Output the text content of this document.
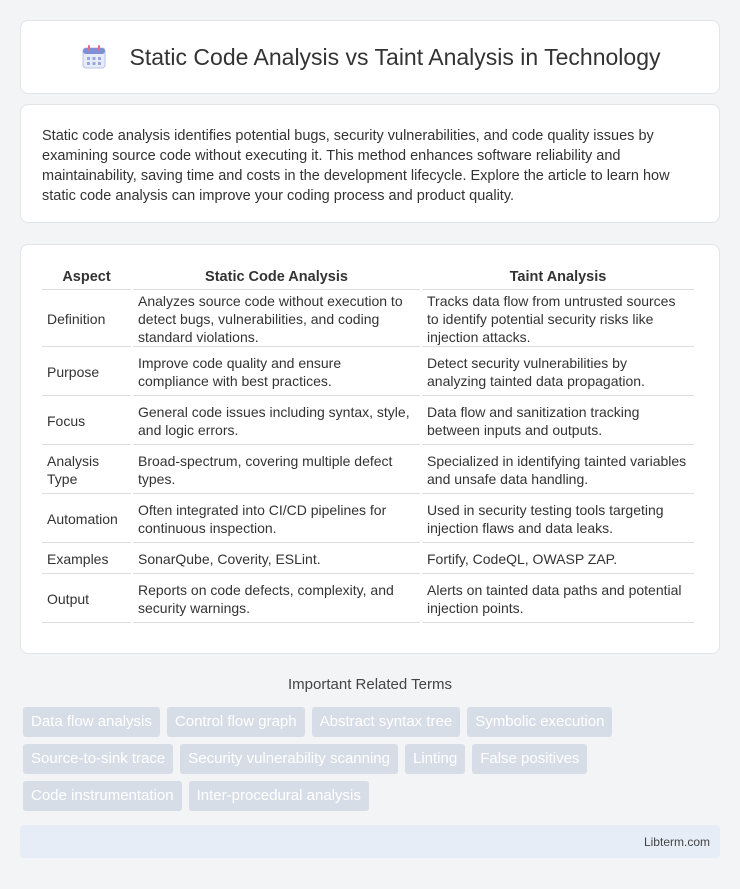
Static Code Analysis vs Taint Analysis in Technology

Static code analysis identifies potential bugs, security vulnerabilities, and code quality issues by examining source code without executing it. This method enhances software reliability and maintainability, saving time and costs in the development lifecycle. Explore the article to learn how static code analysis can improve your coding process and product quality.

Aspect	Static Code Analysis	Taint Analysis
Definition	Analyzes source code without execution to detect bugs, vulnerabilities, and coding standard violations.	Tracks data flow from untrusted sources to identify potential security risks like injection attacks.
Purpose	Improve code quality and ensure compliance with best practices.	Detect security vulnerabilities by analyzing tainted data propagation.
Focus	General code issues including syntax, style, and logic errors.	Data flow and sanitization tracking between inputs and outputs.
Analysis Type	Broad-spectrum, covering multiple defect types.	Specialized in identifying tainted variables and unsafe data handling.
Automation	Often integrated into CI/CD pipelines for continuous inspection.	Used in security testing tools targeting injection flaws and data leaks.
Examples	SonarQube, Coverity, ESLint.	Fortify, CodeQL, OWASP ZAP.
Output	Reports on code defects, complexity, and security warnings.	Alerts on tainted data paths and potential injection points.
Important Related Terms
Data flow analysis	Control flow graph	Abstract syntax tree	Symbolic execution
Source-to-sink trace	Security vulnerability scanning	Linting	False positives
Code instrumentation	Inter-procedural analysis
Libterm.com
